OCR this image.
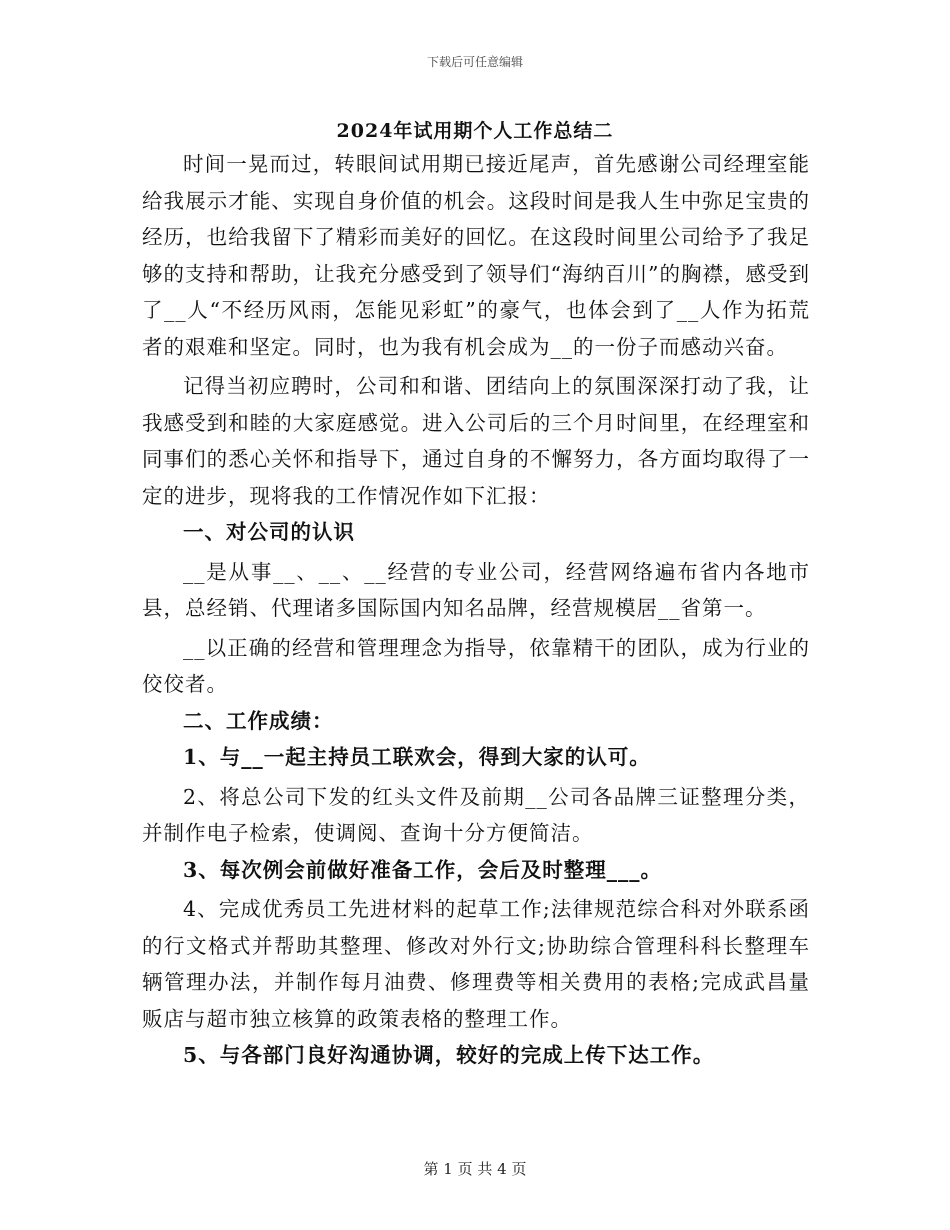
下载后可任意编辑
2024年试用期个人工作总结二

时间一晃而过，转眼间试用期已接近尾声，首先感谢公司经理室能给我展示才能、实现自身价值的机会。这段时间是我人生中弥足宝贵的经历，也给我留下了精彩而美好的回忆。在这段时间里公司给予了我足够的支持和帮助，让我充分感受到了领导们“海纳百川”的胸襟，感受到了__人“不经历风雨，怎能见彩虹”的豪气，也体会到了__人作为拓荒者的艰难和坚定。同时，也为我有机会成为__的一份子而感动兴奋。

记得当初应聘时，公司和和谐、团结向上的氛围深深打动了我，让我感受到和睦的大家庭感觉。进入公司后的三个月时间里，在经理室和同事们的悉心关怀和指导下，通过自身的不懈努力，各方面均取得了一定的进步，现将我的工作情况作如下汇报：

一、对公司的认识

__是从事__、__、__经营的专业公司，经营网络遍布省内各地市县，总经销、代理诸多国际国内知名品牌，经营规模居__省第一。

__以正确的经营和管理理念为指导，依靠精干的团队，成为行业的佼佼者。

二、工作成绩：

1、与__一起主持员工联欢会，得到大家的认可。

2、将总公司下发的红头文件及前期__公司各品牌三证整理分类，并制作电子检索，使调阅、查询十分方便简洁。

3、每次例会前做好准备工作，会后及时整理___。

4、完成优秀员工先进材料的起草工作;法律规范综合科对外联系函的行文格式并帮助其整理、修改对外行文;协助综合管理科科长整理车辆管理办法，并制作每月油费、修理费等相关费用的表格;完成武昌量贩店与超市独立核算的政策表格的整理工作。

5、与各部门良好沟通协调，较好的完成上传下达工作。

第 1 页 共 4 页
